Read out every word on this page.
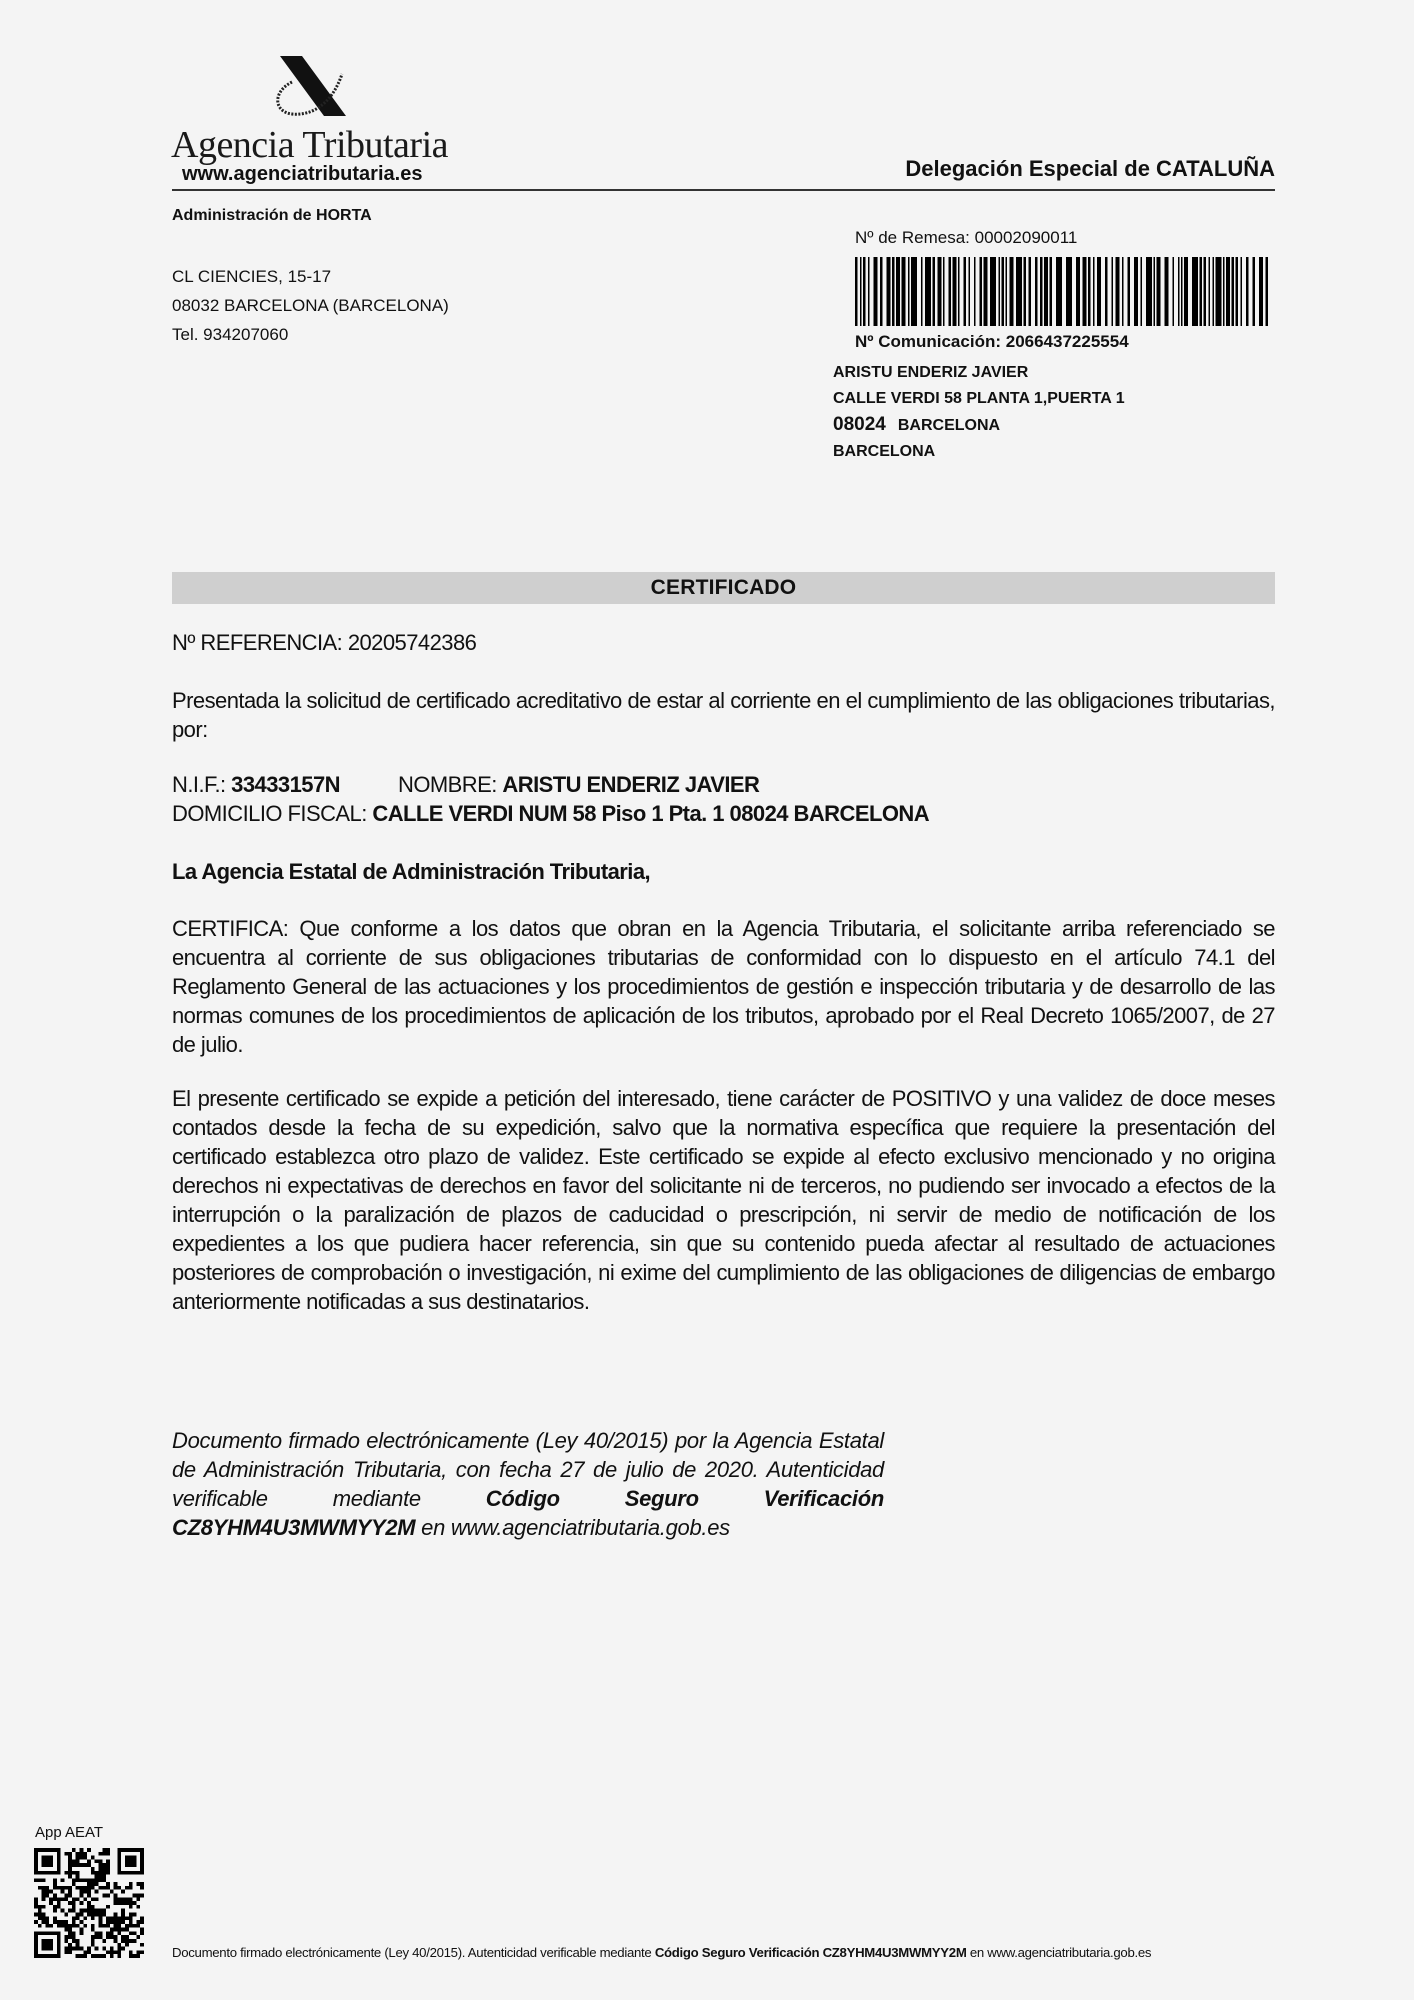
Agencia Tributaria
www.agenciatributaria.es	Delegación Especial de CATALUÑA
Administración de HORTA
CL CIENCIES, 15-17
08032 BARCELONA (BARCELONA)
Tel. 934207060
Nº de Remesa: 00002090011
Nº Comunicación: 2066437225554
ARISTU ENDERIZ JAVIER
CALLE VERDI 58 PLANTA 1,PUERTA 1
08024 BARCELONA
BARCELONA
CERTIFICADO
Nº REFERENCIA: 20205742386
Presentada la solicitud de certificado acreditativo de estar al corriente en el cumplimiento de las obligaciones tributarias, por:
N.I.F.: 33433157N	NOMBRE: ARISTU ENDERIZ JAVIER
DOMICILIO FISCAL: CALLE VERDI NUM 58 Piso 1 Pta. 1 08024 BARCELONA
La Agencia Estatal de Administración Tributaria,
CERTIFICA: Que conforme a los datos que obran en la Agencia Tributaria, el solicitante arriba referenciado se encuentra al corriente de sus obligaciones tributarias de conformidad con lo dispuesto en el artículo 74.1 del Reglamento General de las actuaciones y los procedimientos de gestión e inspección tributaria y de desarrollo de las normas comunes de los procedimientos de aplicación de los tributos, aprobado por el Real Decreto 1065/2007, de 27 de julio.
El presente certificado se expide a petición del interesado, tiene carácter de POSITIVO y una validez de doce meses contados desde la fecha de su expedición, salvo que la normativa específica que requiere la presentación del certificado establezca otro plazo de validez. Este certificado se expide al efecto exclusivo mencionado y no origina derechos ni expectativas de derechos en favor del solicitante ni de terceros, no pudiendo ser invocado a efectos de la interrupción o la paralización de plazos de caducidad o prescripción, ni servir de medio de notificación de los expedientes a los que pudiera hacer referencia, sin que su contenido pueda afectar al resultado de actuaciones posteriores de comprobación o investigación, ni exime del cumplimiento de las obligaciones de diligencias de embargo anteriormente notificadas a sus destinatarios.
Documento firmado electrónicamente (Ley 40/2015) por la Agencia Estatal de Administración Tributaria, con fecha 27 de julio de 2020. Autenticidad verificable mediante Código Seguro Verificación CZ8YHM4U3MWMYY2M en www.agenciatributaria.gob.es
App AEAT
Documento firmado electrónicamente (Ley 40/2015). Autenticidad verificable mediante Código Seguro Verificación CZ8YHM4U3MWMYY2M en www.agenciatributaria.gob.es
